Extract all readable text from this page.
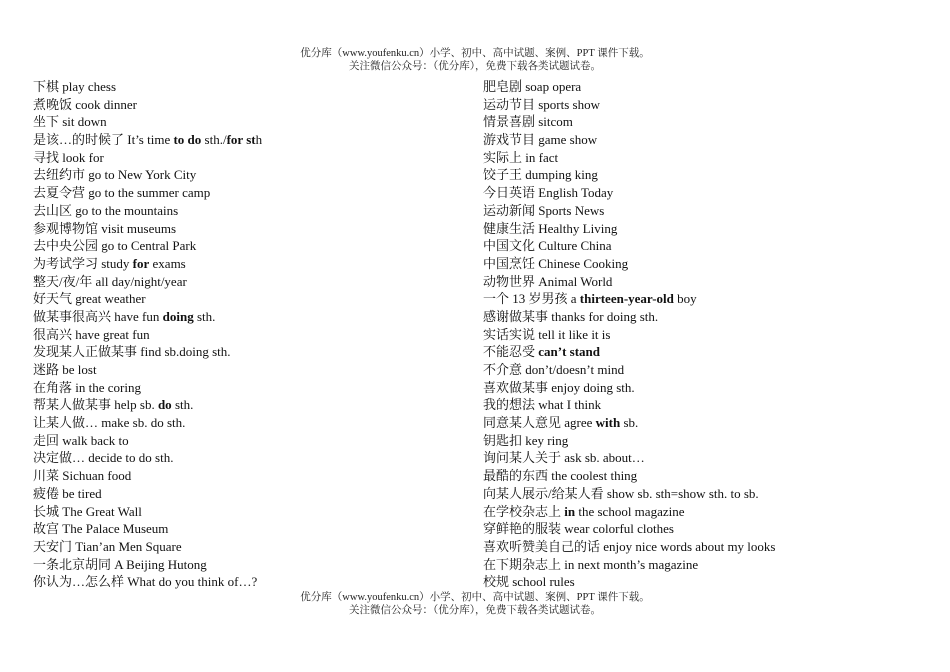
优分库（www.youfenku.cn）小学、初中、高中试题、案例、PPT 课件下载。
关注微信公众号：（优分库），免费下载各类试题试卷。
下棋 play chess
煮晚饭 cook dinner
坐下 sit down
是该…的时候了 It’s time to do sth./for sth
寻找 look for
去纽约市 go to New York City
去夏令营 go to the summer camp
去山区 go to the mountains
参观博物馆 visit museums
去中央公园 go to Central Park
为考试学习 study for exams
整天/夜/年 all day/night/year
好天气 great weather
做某事很高兴 have fun doing sth.
很高兴 have great fun
发现某人正做某事 find sb.doing sth.
迷路 be lost
在角落 in the coring
帮某人做某事 help sb. do sth.
让某人做… make sb. do sth.
走回 walk back to
决定做… decide to do sth.
川菜 Sichuan food
疲倦 be tired
长城 The Great Wall
故宫 The Palace Museum
天安门 Tian’an Men Square
一条北京胡同 A Beijing Hutong
你认为…怎么样 What do you think of…?
肥皂剧 soap opera
运动节目 sports show
情景喜剧 sitcom
游戏节目 game show
实际上 in fact
饺子王 dumping king
今日英语 English Today
运动新闻 Sports News
健康生活 Healthy Living
中国文化 Culture China
中国烹饪 Chinese Cooking
动物世界 Animal World
一个 13 岁男孩 a thirteen-year-old boy
感谢做某事 thanks for doing sth.
实话实说 tell it like it is
不能忍受 can’t stand
不介意 don’t/doesn’t mind
喜欢做某事 enjoy doing sth.
我的想法 what I think
同意某人意见 agree with sb.
钥匙扣 key ring
询问某人关于 ask sb. about…
最酷的东西 the coolest thing
向某人展示/给某人看 show sb. sth=show sth. to sb.
在学校杂志上 in the school magazine
穿鲜艳的服装 wear colorful clothes
喜欢听赞美自己的话 enjoy nice words about my looks
在下期杂志上 in next month’s magazine
校规 school rules
优分库（www.youfenku.cn）小学、初中、高中试题、案例、PPT 课件下载。
关注微信公众号：（优分库），免费下载各类试题试卷。
